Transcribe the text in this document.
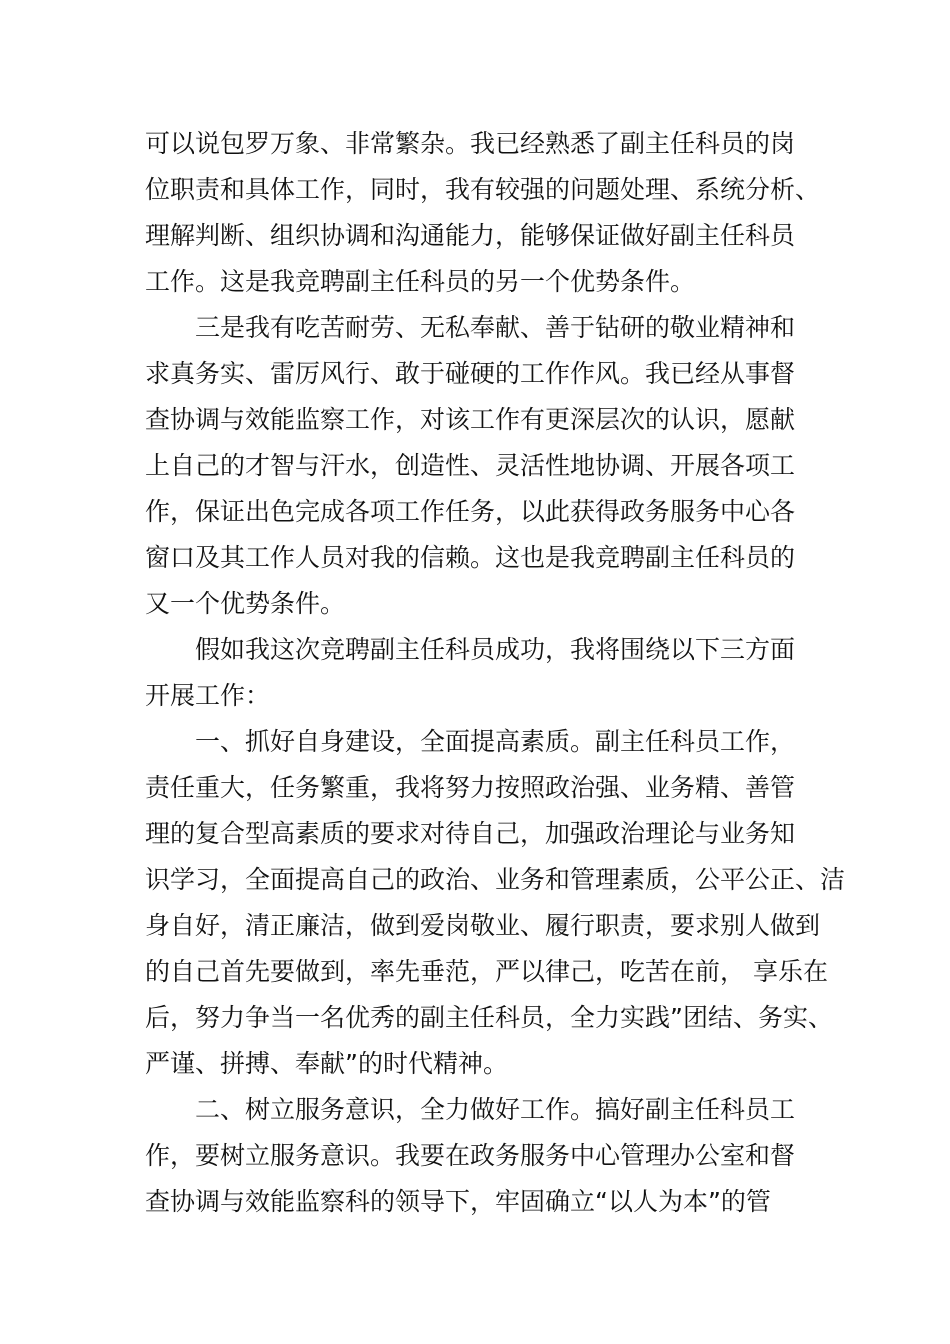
可以说包罗万象、非常繁杂。我已经熟悉了副主任科员的岗
位职责和具体工作，同时，我有较强的问题处理、系统分析、
理解判断、组织协调和沟通能力，能够保证做好副主任科员
工作。这是我竞聘副主任科员的另一个优势条件。
三是我有吃苦耐劳、无私奉献、善于钻研的敬业精神和
求真务实、雷厉风行、敢于碰硬的工作作风。我已经从事督
查协调与效能监察工作，对该工作有更深层次的认识，愿献
上自己的才智与汗水，创造性、灵活性地协调、开展各项工
作，保证出色完成各项工作任务，以此获得政务服务中心各
窗口及其工作人员对我的信赖。这也是我竞聘副主任科员的
又一个优势条件。
假如我这次竞聘副主任科员成功，我将围绕以下三方面
开展工作：
一、抓好自身建设，全面提高素质。副主任科员工作，
责任重大，任务繁重，我将努力按照政治强、业务精、善管
理的复合型高素质的要求对待自己，加强政治理论与业务知
识学习，全面提高自己的政治、业务和管理素质，公平公正、洁
身自好，清正廉洁，做到爱岗敬业、履行职责，要求别人做到
的自己首先要做到，率先垂范，严以律己，吃苦在前， 享乐在
后，努力争当一名优秀的副主任科员，全力实践”团结、务实、
严谨、拼搏、奉献”的时代精神。
二、树立服务意识，全力做好工作。搞好副主任科员工
作，要树立服务意识。我要在政务服务中心管理办公室和督
查协调与效能监察科的领导下，牢固确立“以人为本”的管
